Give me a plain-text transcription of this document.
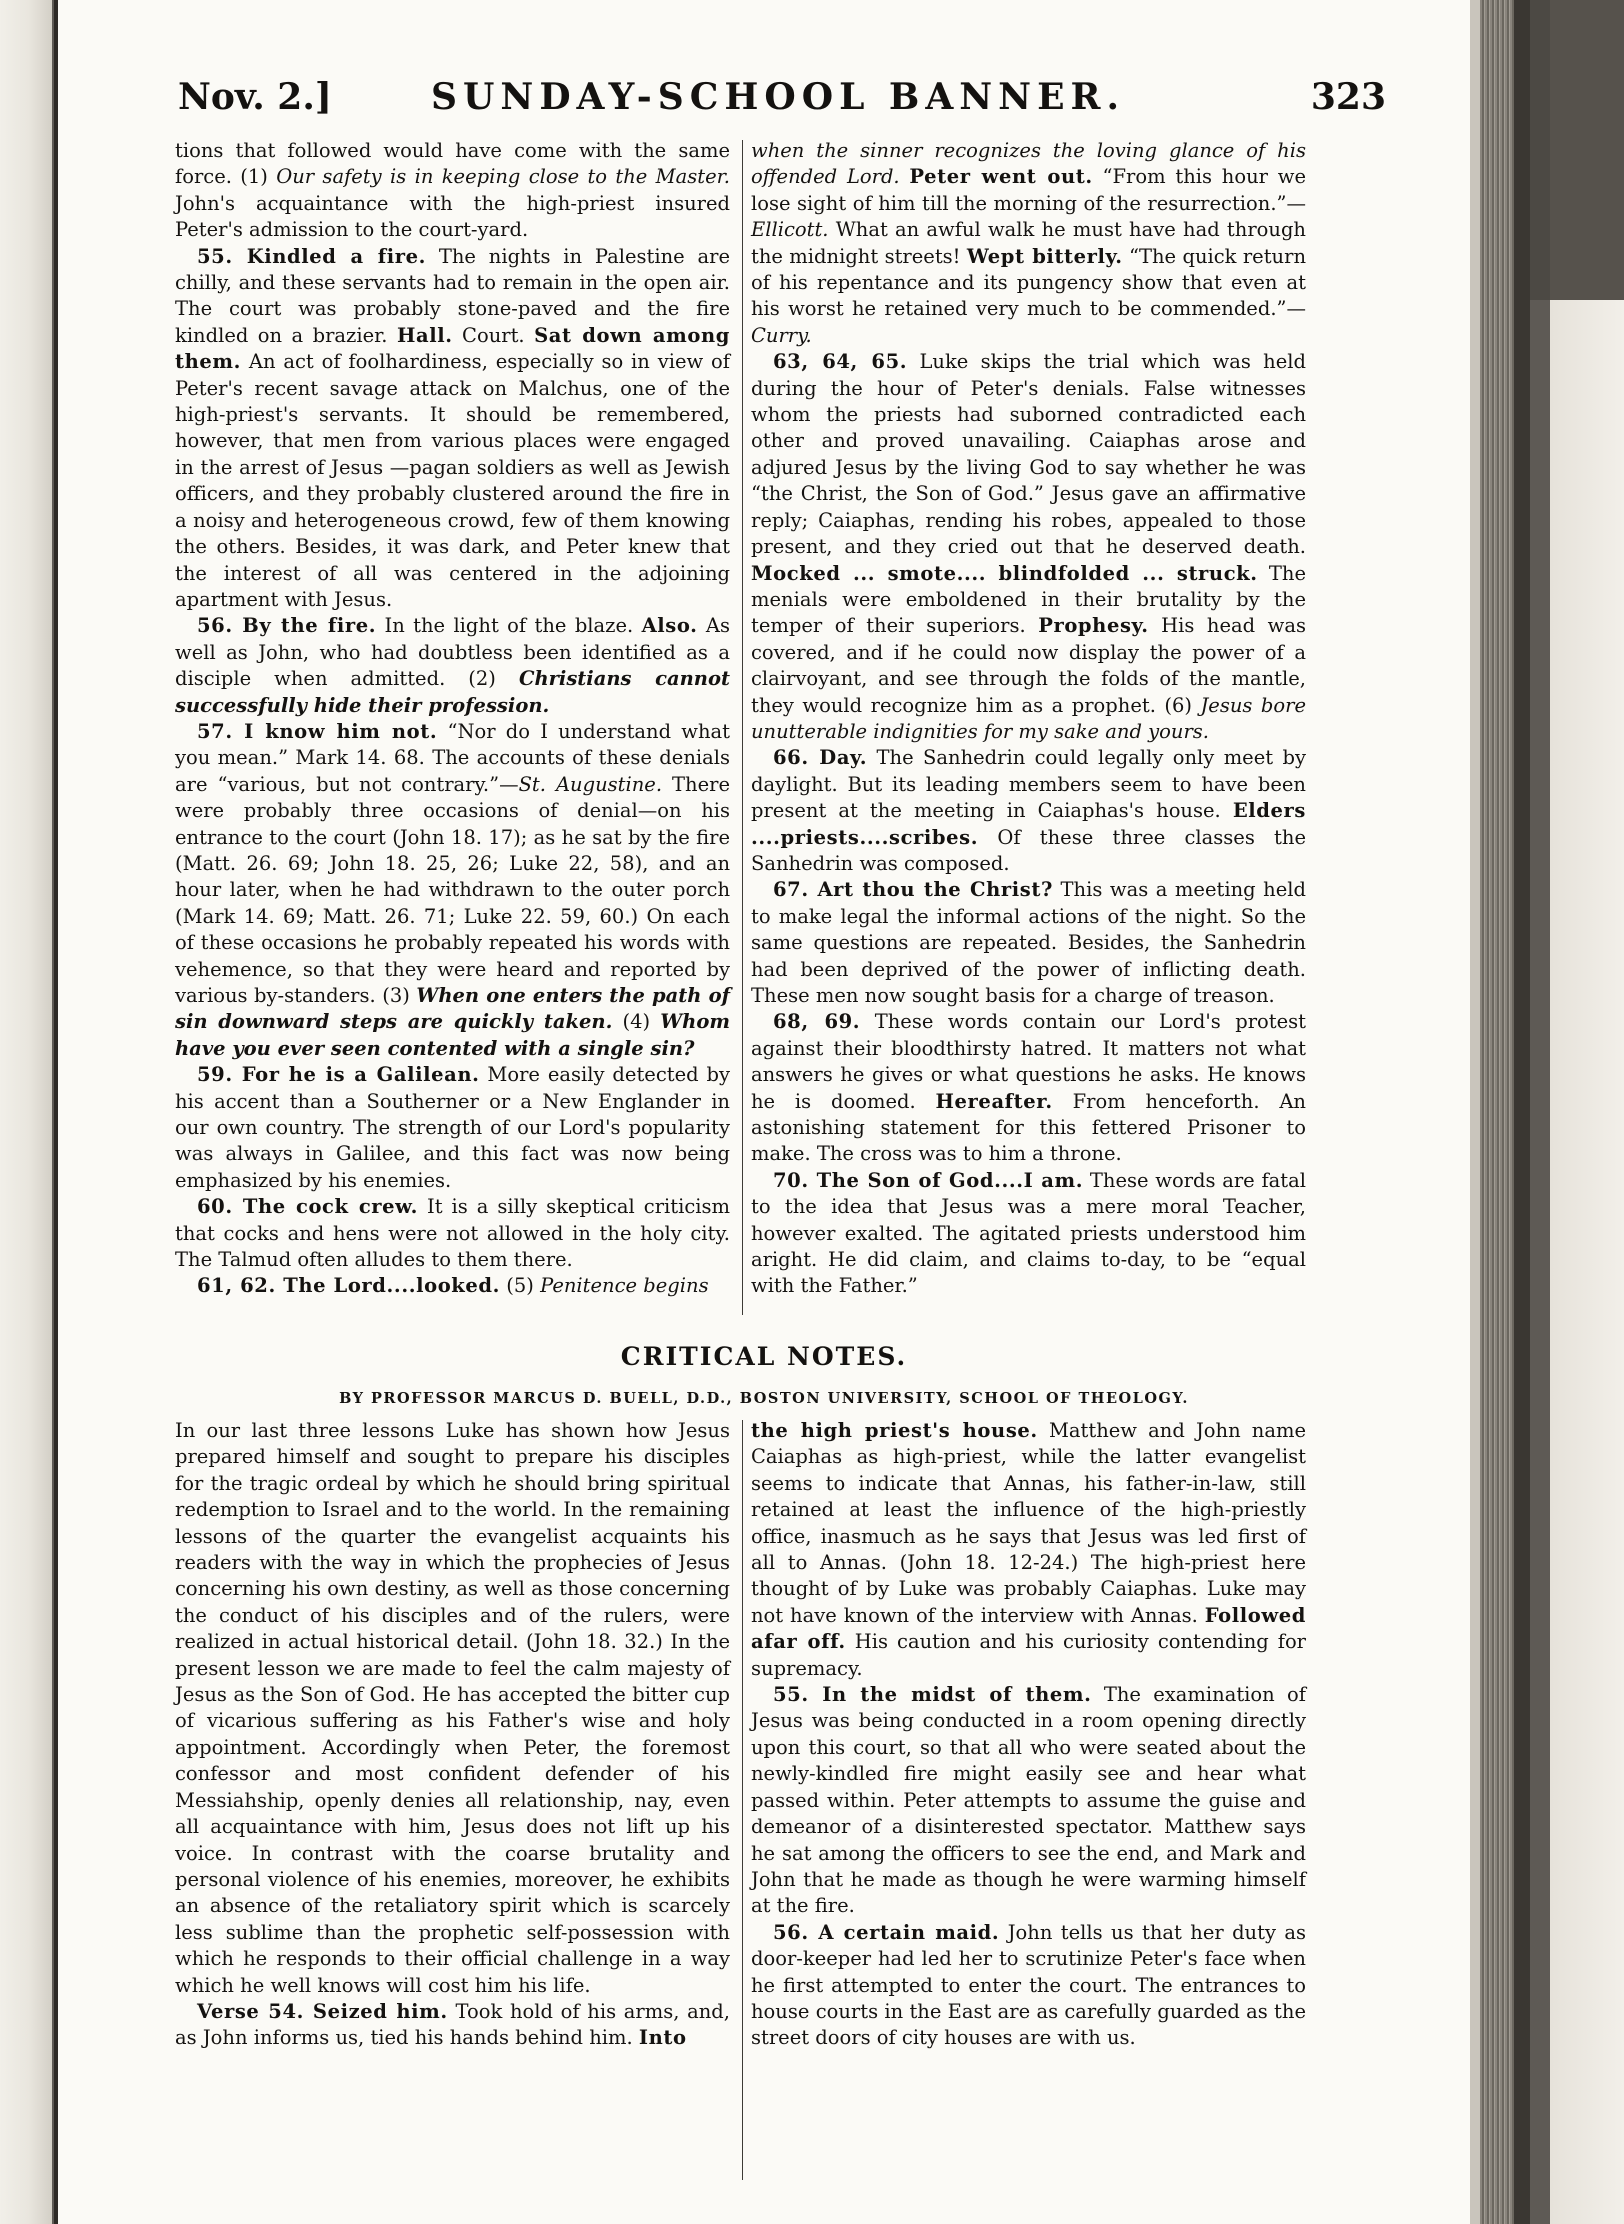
Nov. 2.]	SUNDAY-SCHOOL BANNER.	323

tions that followed would have come with the same force. (1) Our safety is in keeping close to the Master. John's acquaintance with the high-priest insured Peter's admission to the court-yard.

55. Kindled a fire. The nights in Palestine are chilly, and these servants had to remain in the open air. The court was probably stone-paved and the fire kindled on a brazier. Hall. Court. Sat down among them. An act of foolhardiness, especially so in view of Peter's recent savage attack on Malchus, one of the high-priest's servants. It should be remembered, however, that men from various places were engaged in the arrest of Jesus —pagan soldiers as well as Jewish officers, and they probably clustered around the fire in a noisy and heterogeneous crowd, few of them knowing the others. Besides, it was dark, and Peter knew that the interest of all was centered in the adjoining apartment with Jesus.

56. By the fire. In the light of the blaze. Also. As well as John, who had doubtless been identified as a disciple when admitted. (2) Christians cannot successfully hide their profession.

57. I know him not. “Nor do I understand what you mean.” Mark 14. 68. The accounts of these denials are “various, but not contrary.”—St. Augustine. There were probably three occasions of denial—on his entrance to the court (John 18. 17); as he sat by the fire (Matt. 26. 69; John 18. 25, 26; Luke 22, 58), and an hour later, when he had withdrawn to the outer porch (Mark 14. 69; Matt. 26. 71; Luke 22. 59, 60.) On each of these occasions he probably repeated his words with vehemence, so that they were heard and reported by various by-standers. (3) When one enters the path of sin downward steps are quickly taken. (4) Whom have you ever seen contented with a single sin?

59. For he is a Galilean. More easily detected by his accent than a Southerner or a New Englander in our own country. The strength of our Lord's popularity was always in Galilee, and this fact was now being emphasized by his enemies.

60. The cock crew. It is a silly skeptical criticism that cocks and hens were not allowed in the holy city. The Talmud often alludes to them there.

61, 62. The Lord....looked. (5) Penitence begins

when the sinner recognizes the loving glance of his offended Lord. Peter went out. “From this hour we lose sight of him till the morning of the resurrection.”—Ellicott. What an awful walk he must have had through the midnight streets! Wept bitterly. “The quick return of his repentance and its pungency show that even at his worst he retained very much to be commended.”—Curry.

63, 64, 65. Luke skips the trial which was held during the hour of Peter's denials. False witnesses whom the priests had suborned contradicted each other and proved unavailing. Caiaphas arose and adjured Jesus by the living God to say whether he was “the Christ, the Son of God.” Jesus gave an affirmative reply; Caiaphas, rending his robes, appealed to those present, and they cried out that he deserved death. Mocked ... smote.... blindfolded ... struck. The menials were emboldened in their brutality by the temper of their superiors. Prophesy. His head was covered, and if he could now display the power of a clairvoyant, and see through the folds of the mantle, they would recognize him as a prophet. (6) Jesus bore unutterable indignities for my sake and yours.

66. Day. The Sanhedrin could legally only meet by daylight. But its leading members seem to have been present at the meeting in Caiaphas's house. Elders ....priests....scribes. Of these three classes the Sanhedrin was composed.

67. Art thou the Christ? This was a meeting held to make legal the informal actions of the night. So the same questions are repeated. Besides, the Sanhedrin had been deprived of the power of inflicting death. These men now sought basis for a charge of treason.

68, 69. These words contain our Lord's protest against their bloodthirsty hatred. It matters not what answers he gives or what questions he asks. He knows he is doomed. Hereafter. From henceforth. An astonishing statement for this fettered Prisoner to make. The cross was to him a throne.

70. The Son of God....I am. These words are fatal to the idea that Jesus was a mere moral Teacher, however exalted. The agitated priests understood him aright. He did claim, and claims to-day, to be “equal with the Father.”

CRITICAL NOTES.
BY PROFESSOR MARCUS D. BUELL, D.D., BOSTON UNIVERSITY, SCHOOL OF THEOLOGY.

In our last three lessons Luke has shown how Jesus prepared himself and sought to prepare his disciples for the tragic ordeal by which he should bring spiritual redemption to Israel and to the world. In the remaining lessons of the quarter the evangelist acquaints his readers with the way in which the prophecies of Jesus concerning his own destiny, as well as those concerning the conduct of his disciples and of the rulers, were realized in actual historical detail. (John 18. 32.) In the present lesson we are made to feel the calm majesty of Jesus as the Son of God. He has accepted the bitter cup of vicarious suffering as his Father's wise and holy appointment. Accordingly when Peter, the foremost confessor and most confident defender of his Messiahship, openly denies all relationship, nay, even all acquaintance with him, Jesus does not lift up his voice. In contrast with the coarse brutality and personal violence of his enemies, moreover, he exhibits an absence of the retaliatory spirit which is scarcely less sublime than the prophetic self-possession with which he responds to their official challenge in a way which he well knows will cost him his life.

Verse 54. Seized him. Took hold of his arms, and, as John informs us, tied his hands behind him. Into

the high priest's house. Matthew and John name Caiaphas as high-priest, while the latter evangelist seems to indicate that Annas, his father-in-law, still retained at least the influence of the high-priestly office, inasmuch as he says that Jesus was led first of all to Annas. (John 18. 12-24.) The high-priest here thought of by Luke was probably Caiaphas. Luke may not have known of the interview with Annas. Followed afar off. His caution and his curiosity contending for supremacy.

55. In the midst of them. The examination of Jesus was being conducted in a room opening directly upon this court, so that all who were seated about the newly-kindled fire might easily see and hear what passed within. Peter attempts to assume the guise and demeanor of a disinterested spectator. Matthew says he sat among the officers to see the end, and Mark and John that he made as though he were warming himself at the fire.

56. A certain maid. John tells us that her duty as door-keeper had led her to scrutinize Peter's face when he first attempted to enter the court. The entrances to house courts in the East are as carefully guarded as the street doors of city houses are with us.
